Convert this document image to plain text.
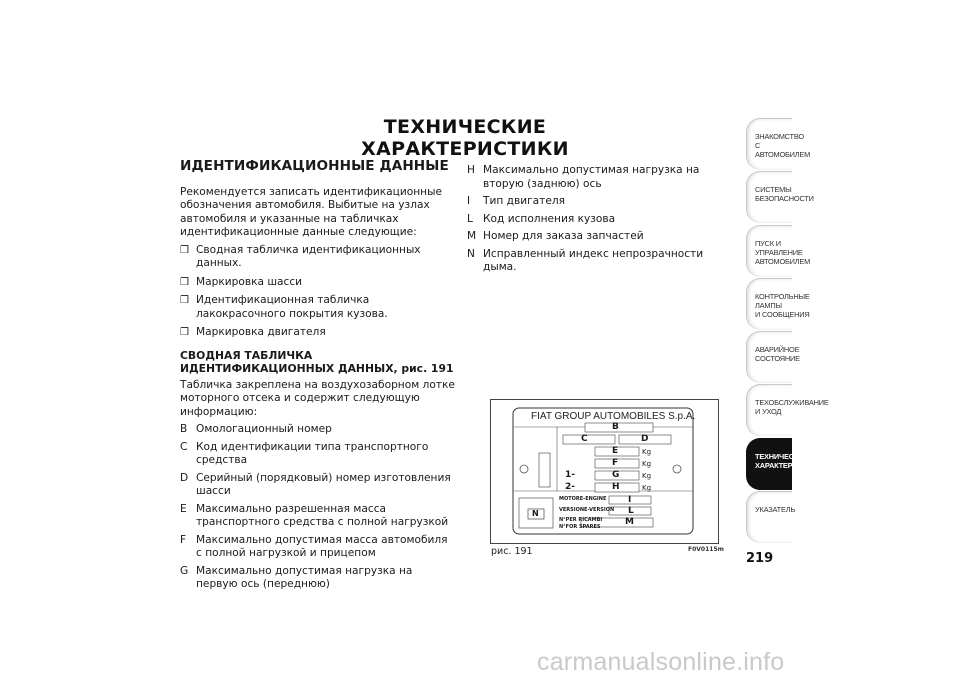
ТЕХНИЧЕСКИЕ ХАРАКТЕРИСТИКИ
ИДЕНТИФИКАЦИОННЫЕ ДАННЫЕ

Рекомендуется записать идентификационные обозначения автомобиля. Выбитые на узлах автомобиля и указанные на табличках идентификационные данные следующие:

❒ Сводная табличка идентификационных данных.
❒ Маркировка шасси
❒ Идентификационная табличка лакокрасочного покрытия кузова.
❒ Маркировка двигателя
СВОДНАЯ ТАБЛИЧКА ИДЕНТИФИКАЦИОННЫХ ДАННЫХ, рис. 191

Табличка закреплена на воздухозаборном лотке моторного отсека и содержит следующую информацию:

B Омологационный номер
C Код идентификации типа транспортного средства
D Серийный (порядковый) номер изготовления шасси
E Максимально разрешенная масса транспортного средства с полной нагрузкой
F Максимально допустимая масса автомобиля с полной нагрузкой и прицепом
G Максимально допустимая нагрузка на первую ось (переднюю)
H Максимально допустимая нагрузка на вторую (заднюю) ось
I	Тип двигателя
L Код исполнения кузова
M Номер для заказа запчастей
N Исправленный индекс непрозрачности дыма.
FIAT GROUP AUTOMOBILES S.p.A.
B
C	D
E
F
G
H
I
L
M
N
Kg
Kg
Kg
Kg
1-
2-
MOTORE-ENGINE
VERSIONE-VERSION
N°PER RICAMBI
N°FOR SPARES
рис. 191	F0V0115m
ЗНАКОМСТВО С
АВТОМОБИЛЕМ
СИСТЕМЫ
БЕЗОПАСНОСТИ
ПУСК И УПРАВЛЕНИЕ
АВТОМОБИЛЕМ
КОНТРОЛЬНЫЕ
ЛАМПЫ
И СООБЩЕНИЯ
АВАРИЙНОЕ
СОСТОЯНИЕ
ТЕХОБСЛУЖИВАНИЕ
И УХОД
ТЕХНИЧЕСКИЕ
ХАРАКТЕРИСТИКИ
УКАЗАТЕЛЬ
219
carmanualsonline.info
